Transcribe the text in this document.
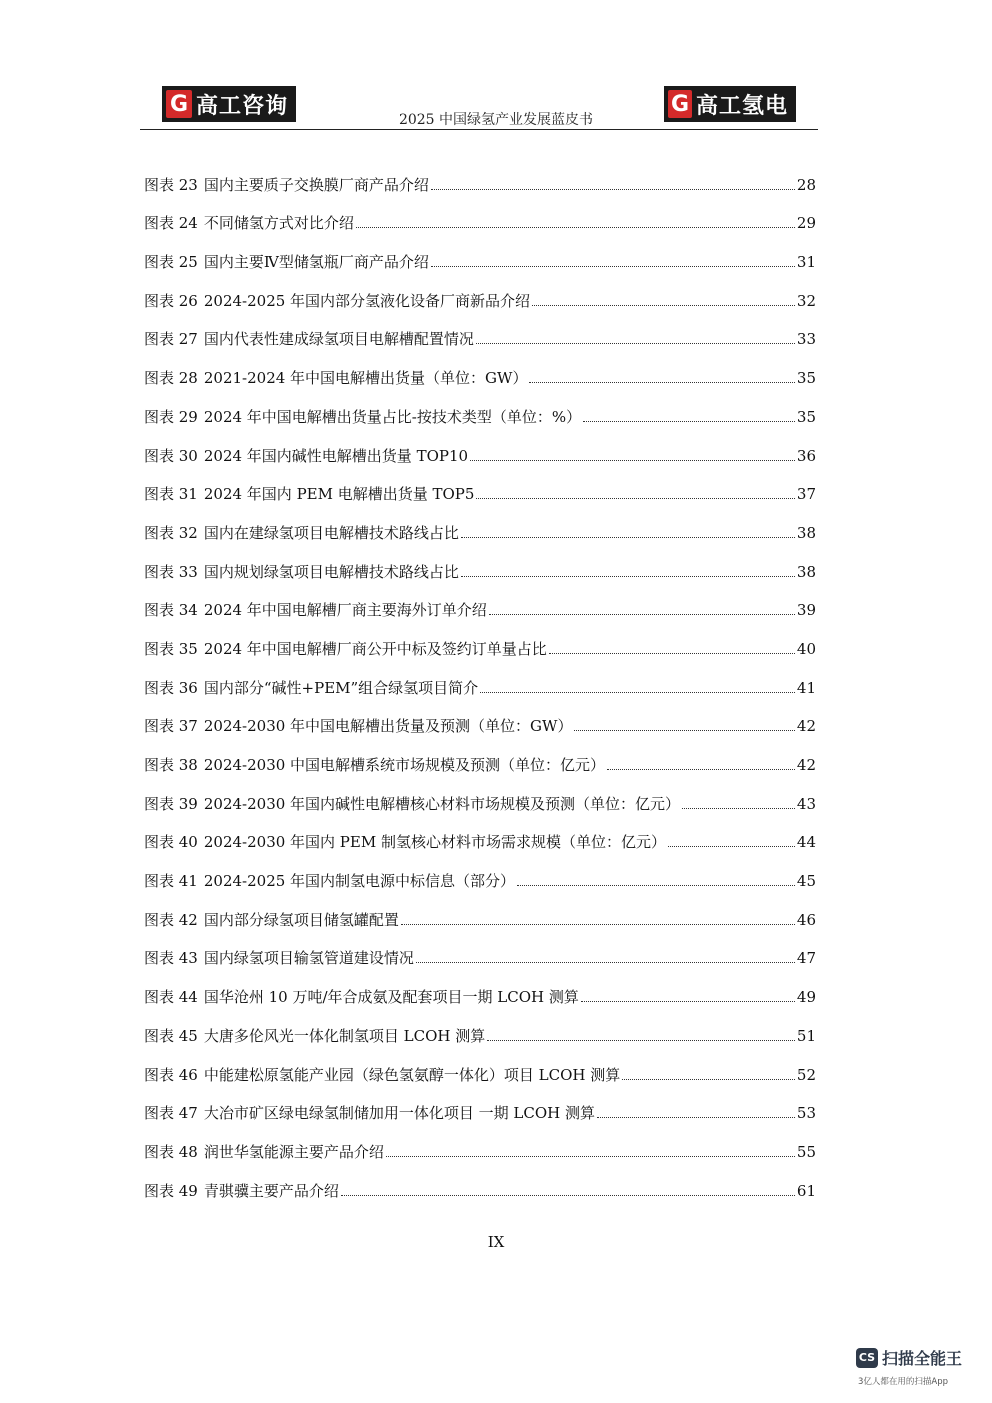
G 高工咨询
2025 中国绿氢产业发展蓝皮书
G 高工氢电
图表 23 国内主要质子交换膜厂商产品介绍	28
图表 24 不同储氢方式对比介绍	29
图表 25 国内主要Ⅳ型储氢瓶厂商产品介绍	31
图表 26 2024-2025 年国内部分氢液化设备厂商新品介绍	32
图表 27 国内代表性建成绿氢项目电解槽配置情况	33
图表 28 2021-2024 年中国电解槽出货量（单位：GW）	35
图表 29 2024 年中国电解槽出货量占比-按技术类型（单位：%）	35
图表 30 2024 年国内碱性电解槽出货量 TOP10	36
图表 31 2024 年国内 PEM 电解槽出货量 TOP5	37
图表 32 国内在建绿氢项目电解槽技术路线占比	38
图表 33 国内规划绿氢项目电解槽技术路线占比	38
图表 34 2024 年中国电解槽厂商主要海外订单介绍	39
图表 35 2024 年中国电解槽厂商公开中标及签约订单量占比	40
图表 36 国内部分“碱性+PEM”组合绿氢项目简介	41
图表 37 2024-2030 年中国电解槽出货量及预测（单位：GW）	42
图表 38 2024-2030 中国电解槽系统市场规模及预测（单位：亿元）	42
图表 39 2024-2030 年国内碱性电解槽核心材料市场规模及预测（单位：亿元）	43
图表 40 2024-2030 年国内 PEM 制氢核心材料市场需求规模（单位：亿元）	44
图表 41 2024-2025 年国内制氢电源中标信息（部分）	45
图表 42 国内部分绿氢项目储氢罐配置	46
图表 43 国内绿氢项目输氢管道建设情况	47
图表 44 国华沧州 10 万吨/年合成氨及配套项目一期 LCOH 测算	49
图表 45 大唐多伦风光一体化制氢项目 LCOH 测算	51
图表 46 中能建松原氢能产业园（绿色氢氨醇一体化）项目 LCOH 测算	52
图表 47 大冶市矿区绿电绿氢制储加用一体化项目 一期 LCOH 测算	53
图表 48 润世华氢能源主要产品介绍	55
图表 49 青骐骥主要产品介绍	61
IX
CS 扫描全能王
3亿人都在用的扫描App
